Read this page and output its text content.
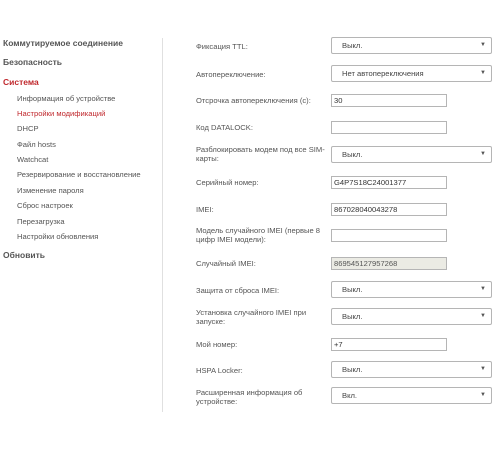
Коммутируемое соединение
Безопасность
Система
Информация об устройстве
Настройки модификаций
DHCP
Файл hosts
Watchcat
Резервирование и восстановление
Изменение пароля
Сброс настроек
Перезагрузка
Настройки обновления
Обновить
Фиксация TTL:	Выкл.	▼
Автопереключение:	Нет автопереключения	▼
Отсрочка автопереключения (с):	30
Код DATALOCK:
Разблокировать модем под все SIM-карты:	Выкл.	▼
Серийный номер:	G4P7S18C24001377
IMEI:	867028040043278
Модель случайного IMEI (первые 8 цифр IMEI модели):
Случайный IMEI:	869545127957268
Защита от сброса IMEI:	Выкл.	▼
Установка случайного IMEI при запуске:
Выкл.	▼
Мой номер:	+7
HSPA Locker:	Выкл.	▼
Расширенная информация об устройстве:
Вкл.	▼
